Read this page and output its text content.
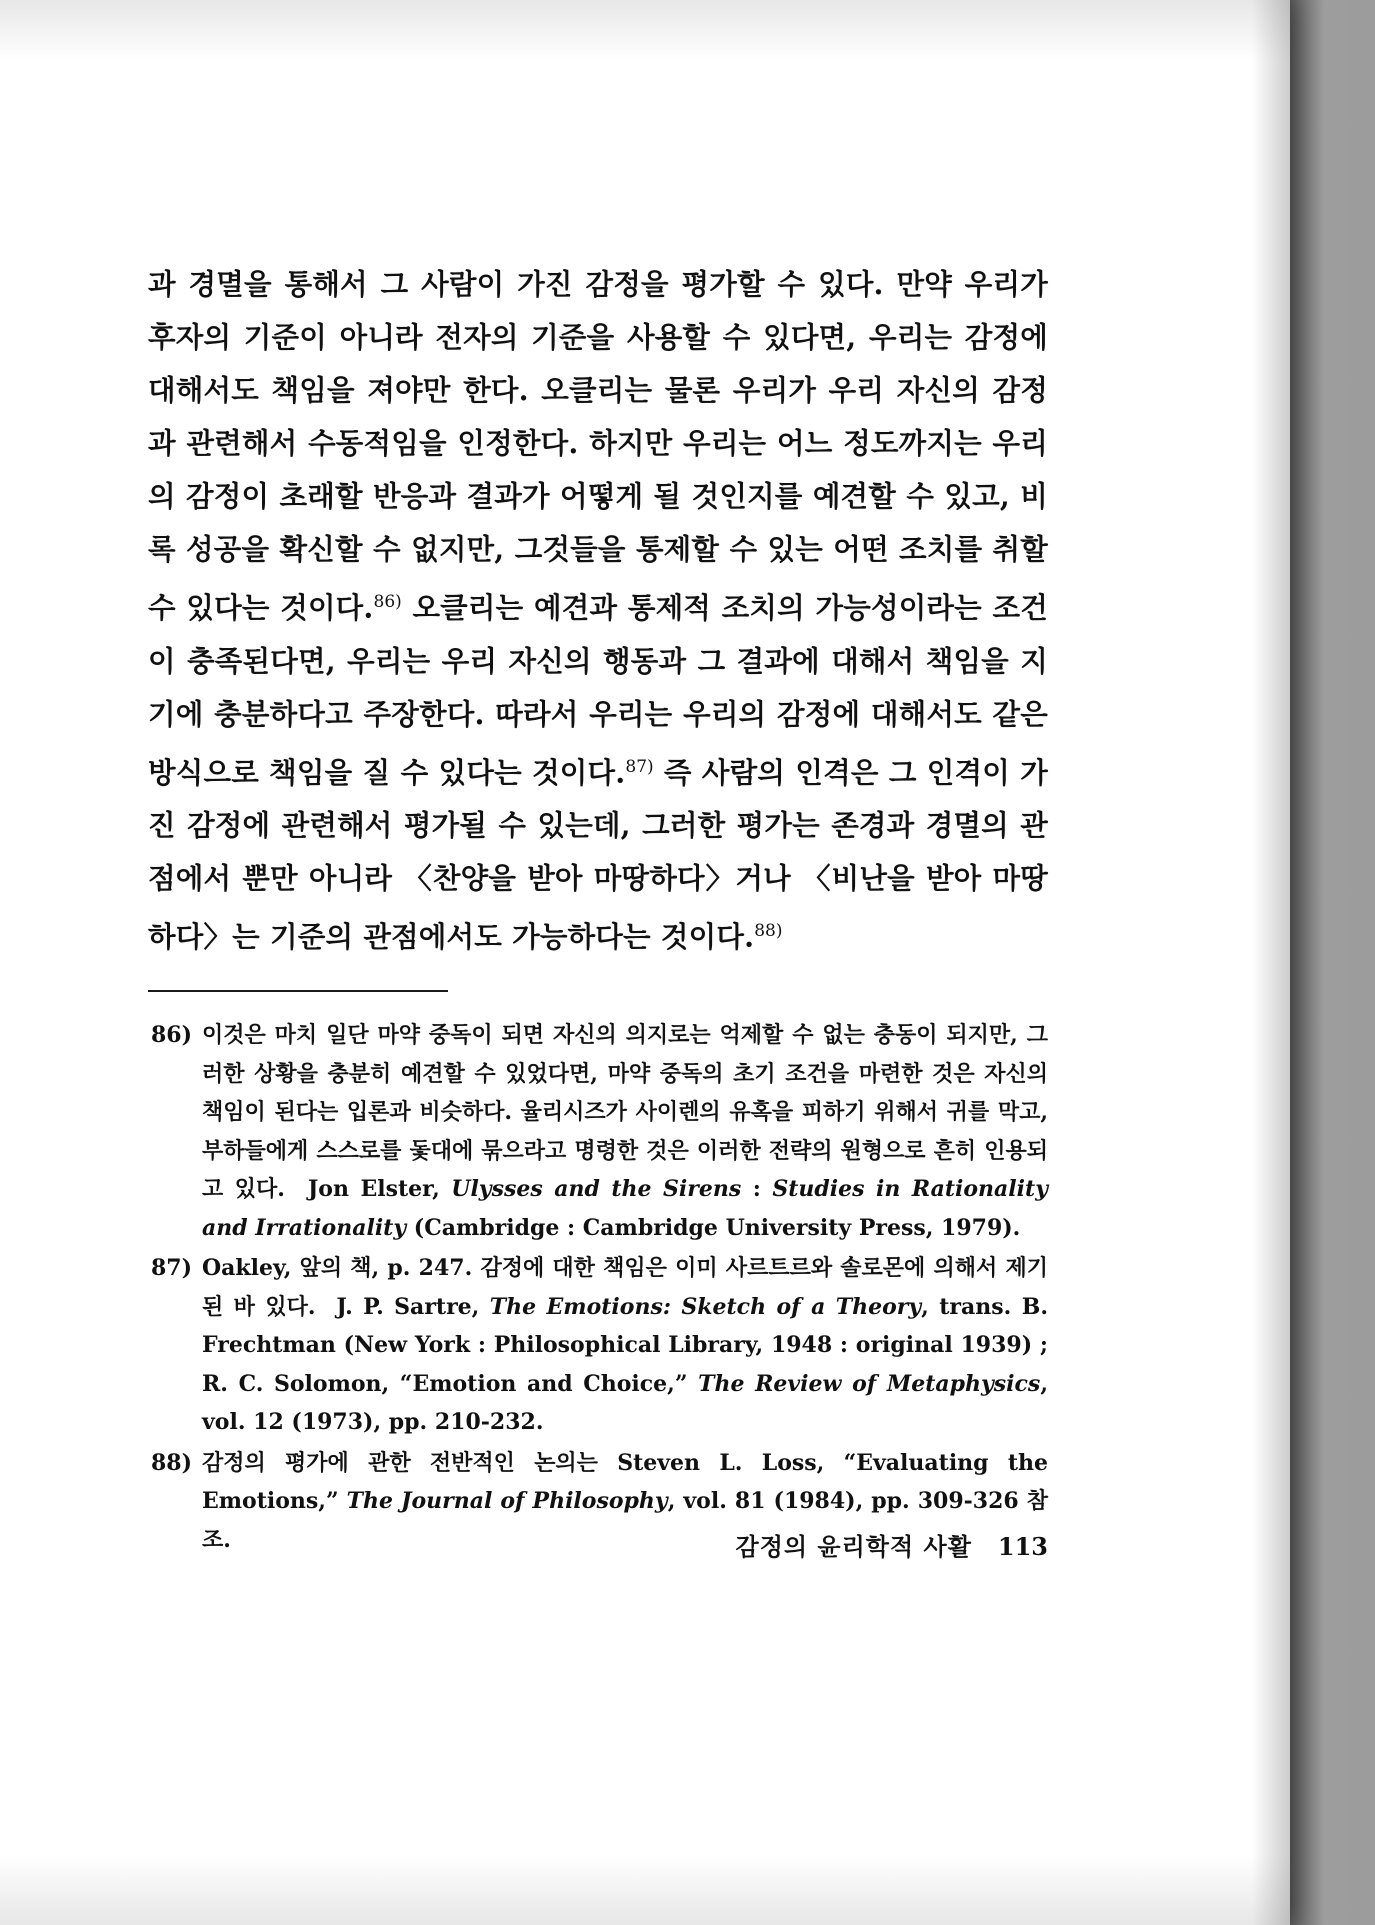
과 경멸을 통해서 그 사람이 가진 감정을 평가할 수 있다. 만약 우리가 후자의 기준이 아니라 전자의 기준을 사용할 수 있다면, 우리는 감정에 대해서도 책임을 져야만 한다. 오클리는 물론 우리가 우리 자신의 감정과 관련해서 수동적임을 인정한다. 하지만 우리는 어느 정도까지는 우리의 감정이 초래할 반응과 결과가 어떻게 될 것인지를 예견할 수 있고, 비록 성공을 확신할 수 없지만, 그것들을 통제할 수 있는 어떤 조치를 취할 수 있다는 것이다.$^{86)}$ 오클리는 예견과 통제적 조치의 가능성이라는 조건이 충족된다면, 우리는 우리 자신의 행동과 그 결과에 대해서 책임을 지기에 충분하다고 주장한다. 따라서 우리는 우리의 감정에 대해서도 같은 방식으로 책임을 질 수 있다는 것이다.$^{87)}$ 즉 사람의 인격은 그 인격이 가진 감정에 관련해서 평가될 수 있는데, 그러한 평가는 존경과 경멸의 관점에서 뿐만 아니라 〈찬양을 받아 마땅하다〉거나 〈비난을 받아 마땅하다〉는 기준의 관점에서도 가능하다는 것이다.$^{88)}$

86) 이것은 마치 일단 마약 중독이 되면 자신의 의지로는 억제할 수 없는 충동이 되지만, 그러한 상황을 충분히 예견할 수 있었다면, 마약 중독의 초기 조건을 마련한 것은 자신의 책임이 된다는 입론과 비슷하다. 율리시즈가 사이렌의 유혹을 피하기 위해서 귀를 막고, 부하들에게 스스로를 돛대에 묶으라고 명령한 것은 이러한 전략의 원형으로 흔히 인용되고 있다.  Jon Elster, Ulysses and the Sirens : Studies in Rationality and Irrationality (Cambridge : Cambridge University Press, 1979).
87) Oakley, 앞의 책, p. 247. 감정에 대한 책임은 이미 사르트르와 솔로몬에 의해서 제기된 바 있다.  J. P. Sartre, The Emotions: Sketch of a Theory, trans. B. Frechtman (New York : Philosophical Library, 1948 : original 1939) ; R. C. Solomon, “Emotion and Choice,” The Review of Metaphysics, vol. 12 (1973), pp. 210-232.
88) 감정의 평가에 관한 전반적인 논의는 Steven L. Loss, “Evaluating the Emotions,” The Journal of Philosophy, vol. 81 (1984), pp. 309-326 참조.	감정의 윤리학적 사활 113
